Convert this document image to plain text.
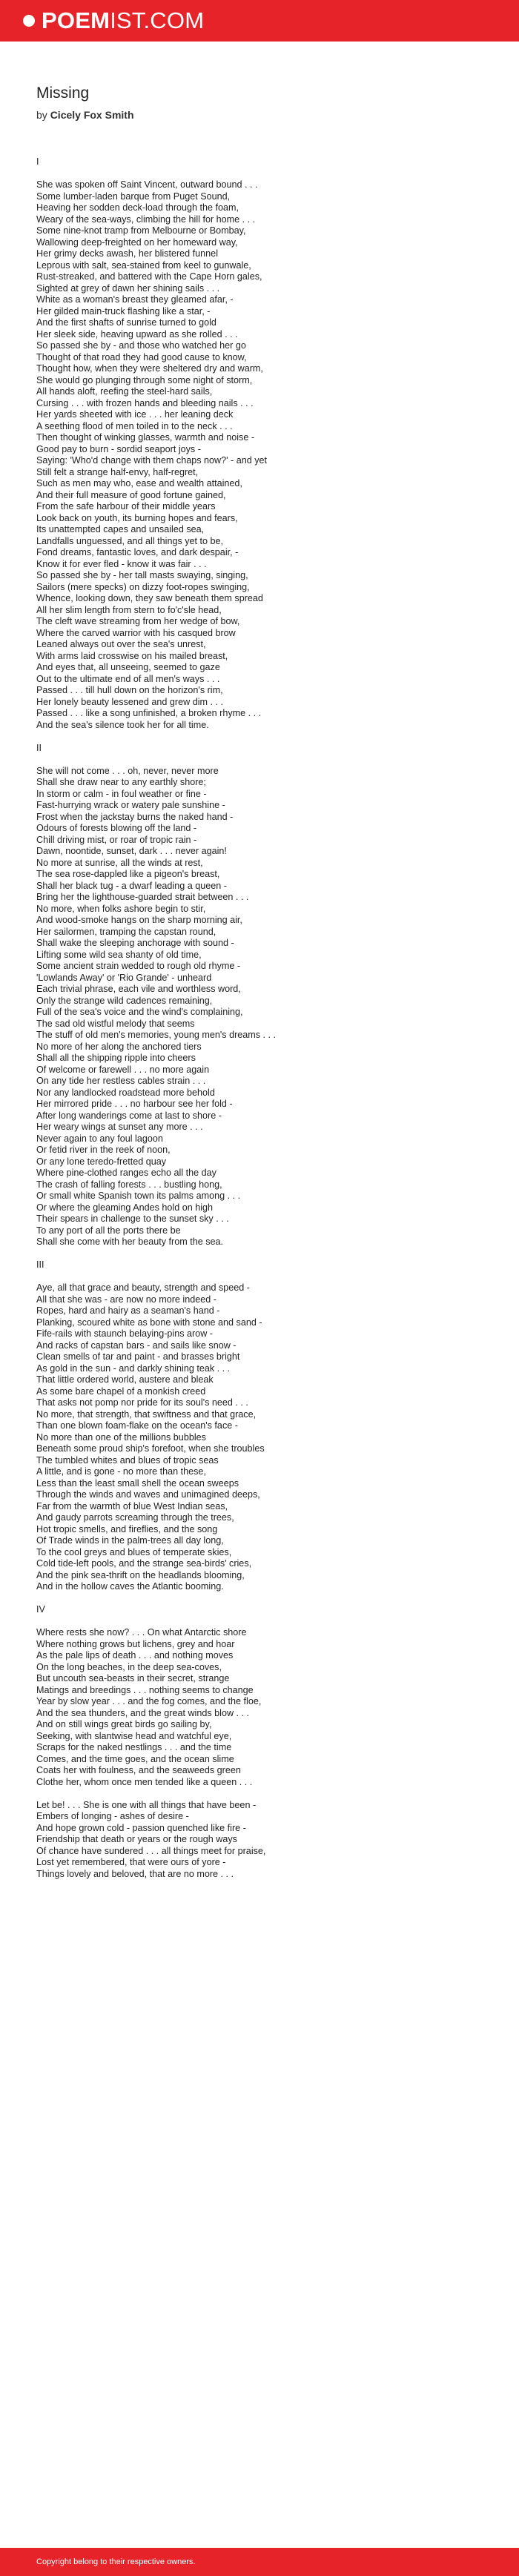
POEMIST.COM
Missing
by Cicely Fox Smith
I
She was spoken off Saint Vincent, outward bound . . .
Some lumber-laden barque from Puget Sound,
Heaving her sodden deck-load through the foam,
Weary of the sea-ways, climbing the hill for home . . .
Some nine-knot tramp from Melbourne or Bombay,
Wallowing deep-freighted on her homeward way,
Her grimy decks awash, her blistered funnel
Leprous with salt, sea-stained from keel to gunwale,
Rust-streaked, and battered with the Cape Horn gales,
Sighted at grey of dawn her shining sails . . .
White as a woman's breast they gleamed afar, -
Her gilded main-truck flashing like a star, -
And the first shafts of sunrise turned to gold
Her sleek side, heaving upward as she rolled . . .
So passed she by - and those who watched her go
Thought of that road they had good cause to know,
Thought how, when they were sheltered dry and warm,
She would go plunging through some night of storm,
All hands aloft, reefing the steel-hard sails,
Cursing . . . with frozen hands and bleeding nails . . .
Her yards sheeted with ice . . . her leaning deck
A seething flood of men toiled in to the neck . . .
Then thought of winking glasses, warmth and noise -
Good pay to burn - sordid seaport joys -
Saying: 'Who'd change with them chaps now?' - and yet
Still felt a strange half-envy, half-regret,
Such as men may who, ease and wealth attained,
And their full measure of good fortune gained,
From the safe harbour of their middle years
Look back on youth, its burning hopes and fears,
Its unattempted capes and unsailed sea,
Landfalls unguessed, and all things yet to be,
Fond dreams, fantastic loves, and dark despair, -
Know it for ever fled - know it was fair . . .
So passed she by - her tall masts swaying, singing,
Sailors (mere specks) on dizzy foot-ropes swinging,
Whence, looking down, they saw beneath them spread
All her slim length from stern to fo'c'sle head,
The cleft wave streaming from her wedge of bow,
Where the carved warrior with his casqued brow
Leaned always out over the sea's unrest,
With arms laid crosswise on his mailed breast,
And eyes that, all unseeing, seemed to gaze
Out to the ultimate end of all men's ways . . .
Passed . . . till hull down on the horizon's rim,
Her lonely beauty lessened and grew dim . . .
Passed . . . like a song unfinished, a broken rhyme . . .
And the sea's silence took her for all time.
II
She will not come . . . oh, never, never more
Shall she draw near to any earthly shore;
In storm or calm - in foul weather or fine -
Fast-hurrying wrack or watery pale sunshine -
Frost when the jackstay burns the naked hand -
Odours of forests blowing off the land -
Chill driving mist, or roar of tropic rain -
Dawn, noontide, sunset, dark . . . never again!
No more at sunrise, all the winds at rest,
The sea rose-dappled like a pigeon's breast,
Shall her black tug - a dwarf leading a queen -
Bring her the lighthouse-guarded strait between . . .
No more, when folks ashore begin to stir,
And wood-smoke hangs on the sharp morning air,
Her sailormen, tramping the capstan round,
Shall wake the sleeping anchorage with sound -
Lifting some wild sea shanty of old time,
Some ancient strain wedded to rough old rhyme -
'Lowlands Away' or 'Rio Grande' - unheard
Each trivial phrase, each vile and worthless word,
Only the strange wild cadences remaining,
Full of the sea's voice and the wind's complaining,
The sad old wistful melody that seems
The stuff of old men's memories, young men's dreams . . .
No more of her along the anchored tiers
Shall all the shipping ripple into cheers
Of welcome or farewell . . . no more again
On any tide her restless cables strain . . .
Nor any landlocked roadstead more behold
Her mirrored pride . . . no harbour see her fold -
After long wanderings come at last to shore -
Her weary wings at sunset any more . . .
Never again to any foul lagoon
Or fetid river in the reek of noon,
Or any lone teredo-fretted quay
Where pine-clothed ranges echo all the day
The crash of falling forests . . . bustling hong,
Or small white Spanish town its palms among . . .
Or where the gleaming Andes hold on high
Their spears in challenge to the sunset sky . . .
To any port of all the ports there be
Shall she come with her beauty from the sea.
III
Aye, all that grace and beauty, strength and speed -
All that she was - are now no more indeed -
Ropes, hard and hairy as a seaman's hand -
Planking, scoured white as bone with stone and sand -
Fife-rails with staunch belaying-pins arow -
And racks of capstan bars - and sails like snow -
Clean smells of tar and paint - and brasses bright
As gold in the sun - and darkly shining teak . . .
That little ordered world, austere and bleak
As some bare chapel of a monkish creed
That asks not pomp nor pride for its soul's need . . .
No more, that strength, that swiftness and that grace,
Than one blown foam-flake on the ocean's face -
No more than one of the millions bubbles
Beneath some proud ship's forefoot, when she troubles
The tumbled whites and blues of tropic seas
A little, and is gone - no more than these,
Less than the least small shell the ocean sweeps
Through the winds and waves and unimagined deeps,
Far from the warmth of blue West Indian seas,
And gaudy parrots screaming through the trees,
Hot tropic smells, and fireflies, and the song
Of Trade winds in the palm-trees all day long,
To the cool greys and blues of temperate skies,
Cold tide-left pools, and the strange sea-birds' cries,
And the pink sea-thrift on the headlands blooming,
And in the hollow caves the Atlantic booming.
IV
Where rests she now? . . . On what Antarctic shore
Where nothing grows but lichens, grey and hoar
As the pale lips of death . . . and nothing moves
On the long beaches, in the deep sea-coves,
But uncouth sea-beasts in their secret, strange
Matings and breedings . . . nothing seems to change
Year by slow year . . . and the fog comes, and the floe,
And the sea thunders, and the great winds blow . . .
And on still wings great birds go sailing by,
Seeking, with slantwise head and watchful eye,
Scraps for the naked nestlings . . . and the time
Comes, and the time goes, and the ocean slime
Coats her with foulness, and the seaweeds green
Clothe her, whom once men tended like a queen . . .
Let be! . . . She is one with all things that have been -
Embers of longing - ashes of desire -
And hope grown cold - passion quenched like fire -
Friendship that death or years or the rough ways
Of chance have sundered . . . all things meet for praise,
Lost yet remembered, that were ours of yore -
Things lovely and beloved, that are no more . . .
Copyright belong to their respective owners.
